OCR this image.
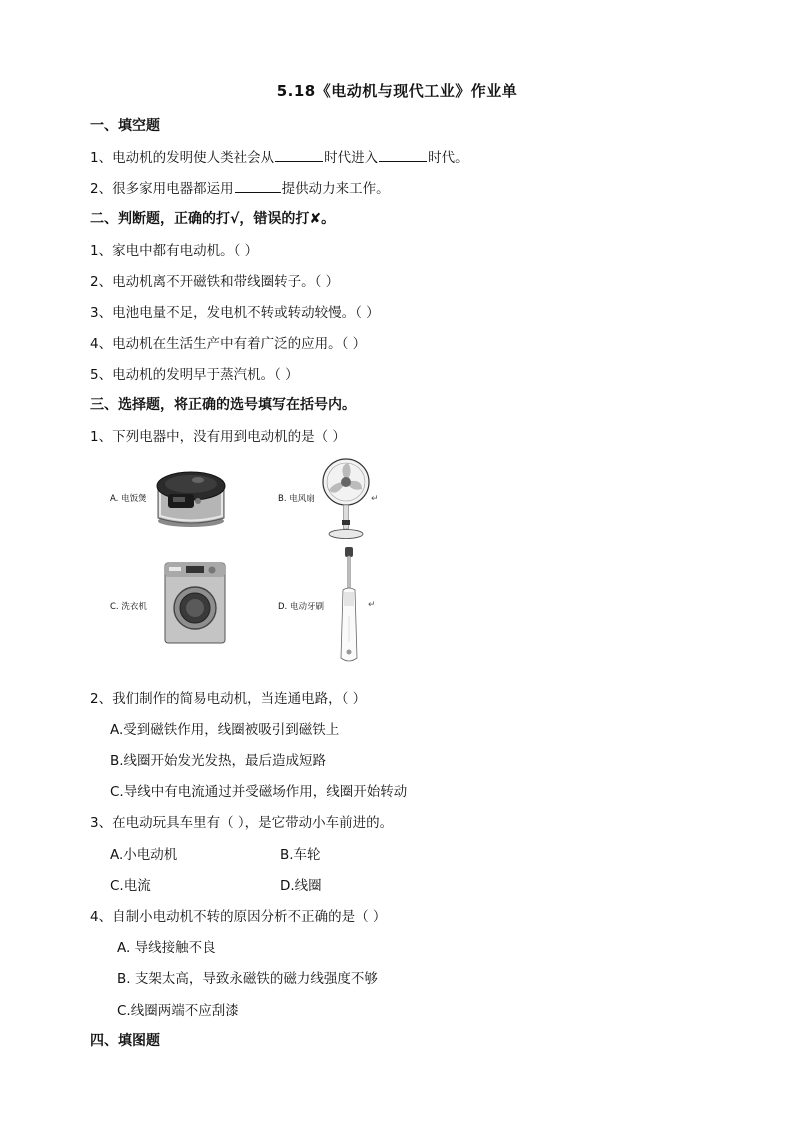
5.18《电动机与现代工业》作业单
一、填空题
1、电动机的发明使人类社会从	时代进入	时代。
2、很多家用电器都运用	提供动力来工作。
二、判断题，正确的打√，错误的打✘。
1、家电中都有电动机。（ ）
2、电动机离不开磁铁和带线圈转子。（ ）
3、电池电量不足，发电机不转或转动较慢。（ ）
4、电动机在生活生产中有着广泛的应用。（ ）
5、电动机的发明早于蒸汽机。（ ）
三、选择题，将正确的选号填写在括号内。
1、下列电器中，没有用到电动机的是（ ）
A. 电饭煲	B. 电风扇	↵
C. 洗衣机	D. 电动牙刷	↵
2、我们制作的简易电动机，当连通电路，（ ）
A.受到磁铁作用，线圈被吸引到磁铁上
B.线圈开始发光发热，最后造成短路
C.导线中有电流通过并受磁场作用，线圈开始转动
3、在电动玩具车里有（ ），是它带动小车前进的。
A.小电动机	B.车轮
C.电流	D.线圈
4、自制小电动机不转的原因分析不正确的是（ ）
A. 导线接触不良
B. 支架太高，导致永磁铁的磁力线强度不够
C.线圈两端不应刮漆
四、填图题
